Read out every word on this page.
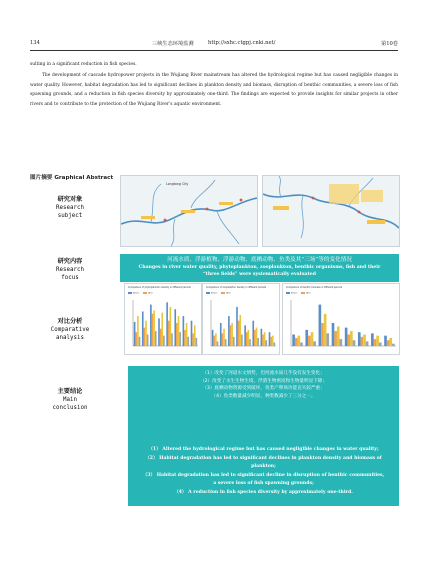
134	三峡生态环境监测	http://sxhc.ctgpj.cnki.net/	第10卷

sulting in a significant reduction in fish species.

The development of cascade hydropower projects in the Wujiang River mainstream has altered the hydrological regime but has caused negligible changes in water quality. However, habitat degradation has led to significant declines in plankton density and biomass, disruption of benthic communities, a severe loss of fish spawning grounds, and a reduction in fish species diversity by approximately one-third. The findings are expected to provide insights for similar projects in other rivers and to contribute to the protection of the Wujiang River’s aquatic environment.

图片摘要 Graphical Abstract
研究对象
Research
subject
研究内容
Research
focus
对比分析
Comparative
analysis
主要结论
Main
conclusion
Longtong City
河流水质、浮游植物、浮游动物、底栖动物、鱼类及其“三场”等的变化情况
Changes in river water quality, phytoplankton, zooplankton, benthic organisms, fish and their
“three fields” were systematically evaluated
Comparison of phytoplankton density in different periods
Before	After
Comparison of zooplankton density in different periods
Before	After
Comparison of benthic biomass in different periods
Before	After
（1）改变了河道水文情势，但河流水质几乎没有发生变化；
（2）改变了水生生物生境，浮游生物密度和生物量明显下降；
（3）底栖动物资源受到破坏，鱼类产卵场功能丧失较严重；
（4）鱼类数量减少明显，种类数减少了三分之一。
（1） Altered the hydrological regime but has caused negligible changes in water quality;
（2） Habitat degradation has led to significant declines in plankton density and biomass of
plankton;
（3） Habitat degradation has led to significant decline in disruption of benthic communities,
a severe loss of fish spawning grounds;
（4） A reduction in fish species diversity by approximately one-third.
